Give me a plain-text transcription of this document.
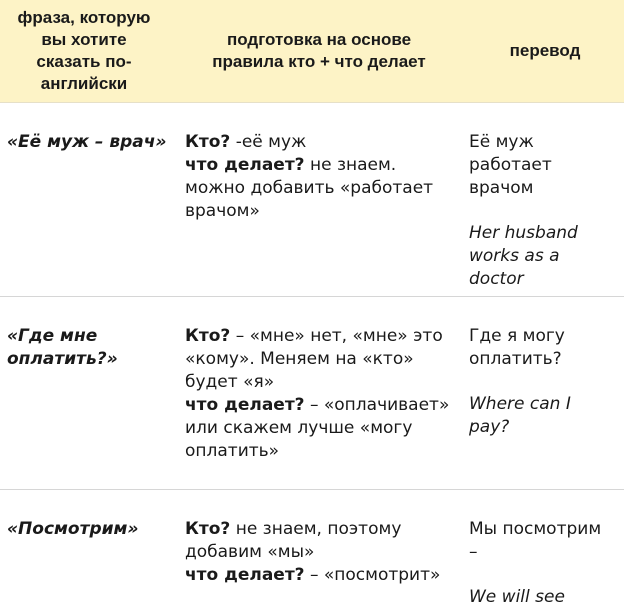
фраза, которую
вы хотите
сказать по-
английски
подготовка на основе
правила кто + что делает
перевод
«Её муж – врач»	Кто? -её муж
что делает? не знаем.
можно добавить «работает
врачом»
Её муж
работает
врачом
Her husband
works as a
doctor
«Где мне
оплатить?»
Кто? – «мне» нет, «мне» это
«кому». Меняем на «кто»
будет «я»
что делает? – «оплачивает»
или скажем лучше «могу
оплатить»
Где я могу
оплатить?
Where can I
pay?
«Посмотрим»	Кто? не знаем, поэтому
добавим «мы»
что делает? – «посмотрит»
Мы посмотрим
–
We will see
